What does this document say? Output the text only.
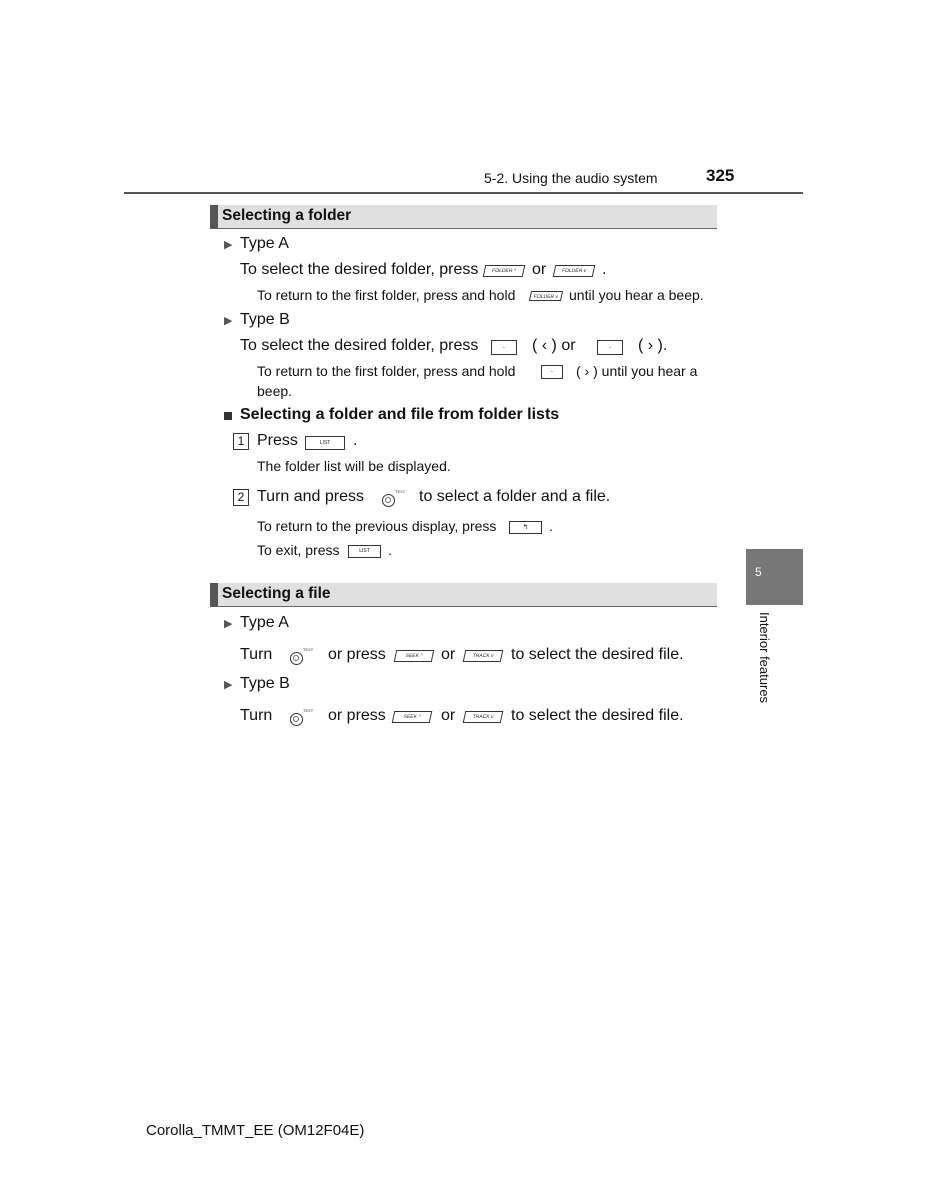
5-2. Using the audio system	325
5
Interior features
Selecting a folder
▶ Type A
To select the desired folder, press	FOLDER ^ or	FOLDER v .
To return to the first folder, press and hold	FOLDER v until you hear a beep.
▶ Type B
To select the desired folder, press	·	( ‹ ) or	·	( › ).
To return to the first folder, press and hold	·	( › ) until you hear a
beep.
Selecting a folder and file from folder lists
1 Press	LIST	.
The folder list will be displayed.
2 Turn and press	TEXT to select a folder and a file.
To return to the previous display, press	↰	.
To exit, press	LIST	.
Selecting a file
▶ Type A
Turn	TEXT or press	SEEK ^	or	TRACK v	to select the desired file.
▶ Type B
Turn	TEXT or press	SEEK ^	or	TRACK v	to select the desired file.
Corolla_TMMT_EE (OM12F04E)
